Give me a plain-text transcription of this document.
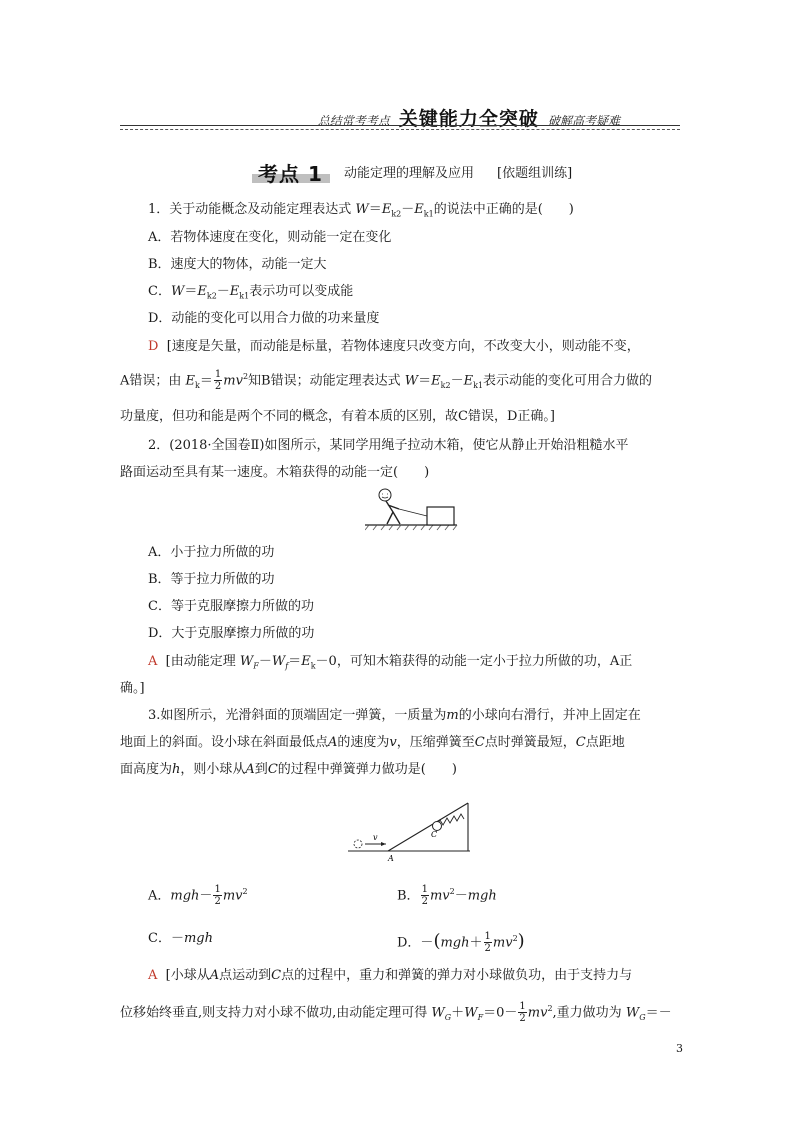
总结常考考点 关键能力全突破 破解高考疑难
考点 1 动能定理的理解及应用 [依题组训练]
1．关于动能概念及动能定理表达式 $W=E_{k2}-E_{k1}$的说法中正确的是(　　)
A．若物体速度在变化，则动能一定在变化
B．速度大的物体，动能一定大
C．$W=E_{k2}-E_{k1}$表示功可以变成能
D．动能的变化可以用合力做的功来量度
D [速度是矢量，而动能是标量，若物体速度只改变方向，不改变大小，则动能不变，
A错误；由 $E_k= \frac{1}{2} mv^2$知B错误；动能定理表达式 $W=E_{k2}-E_{k1}$表示动能的变化可用合力做的
功量度，但功和能是两个不同的概念，有着本质的区别，故C错误，D正确。]
2．(2018·全国卷Ⅱ)如图所示，某同学用绳子拉动木箱，使它从静止开始沿粗糙水平
路面运动至具有某一速度。木箱获得的动能一定(　　)
A．小于拉力所做的功
B．等于拉力所做的功
C．等于克服摩擦力所做的功
D．大于克服摩擦力所做的功
A [由动能定理 $W_F-W_f=E_k-0$，可知木箱获得的动能一定小于拉力所做的功，A正
确。]
3.如图所示，光滑斜面的顶端固定一弹簧，一质量为m的小球向右滑行，并冲上固定在
地面上的斜面。设小球在斜面最低点A的速度为v，压缩弹簧至C点时弹簧最短，C点距地
面高度为h，则小球从A到C的过程中弹簧弹力做功是(　　)
v
A
C
A．$mgh- \frac{1}{2} mv^2$	B． $\frac{1}{2} mv^2-mgh$
C．－mgh	D．$-(mgh+ \frac{1}{2} mv^2)$
A [小球从A点运动到C点的过程中，重力和弹簧的弹力对小球做负功，由于支持力与
位移始终垂直,则支持力对小球不做功,由动能定理可得 $W_G+W_F=0- \frac{1}{2} mv^2$,重力做功为 $W_G=-$
3
